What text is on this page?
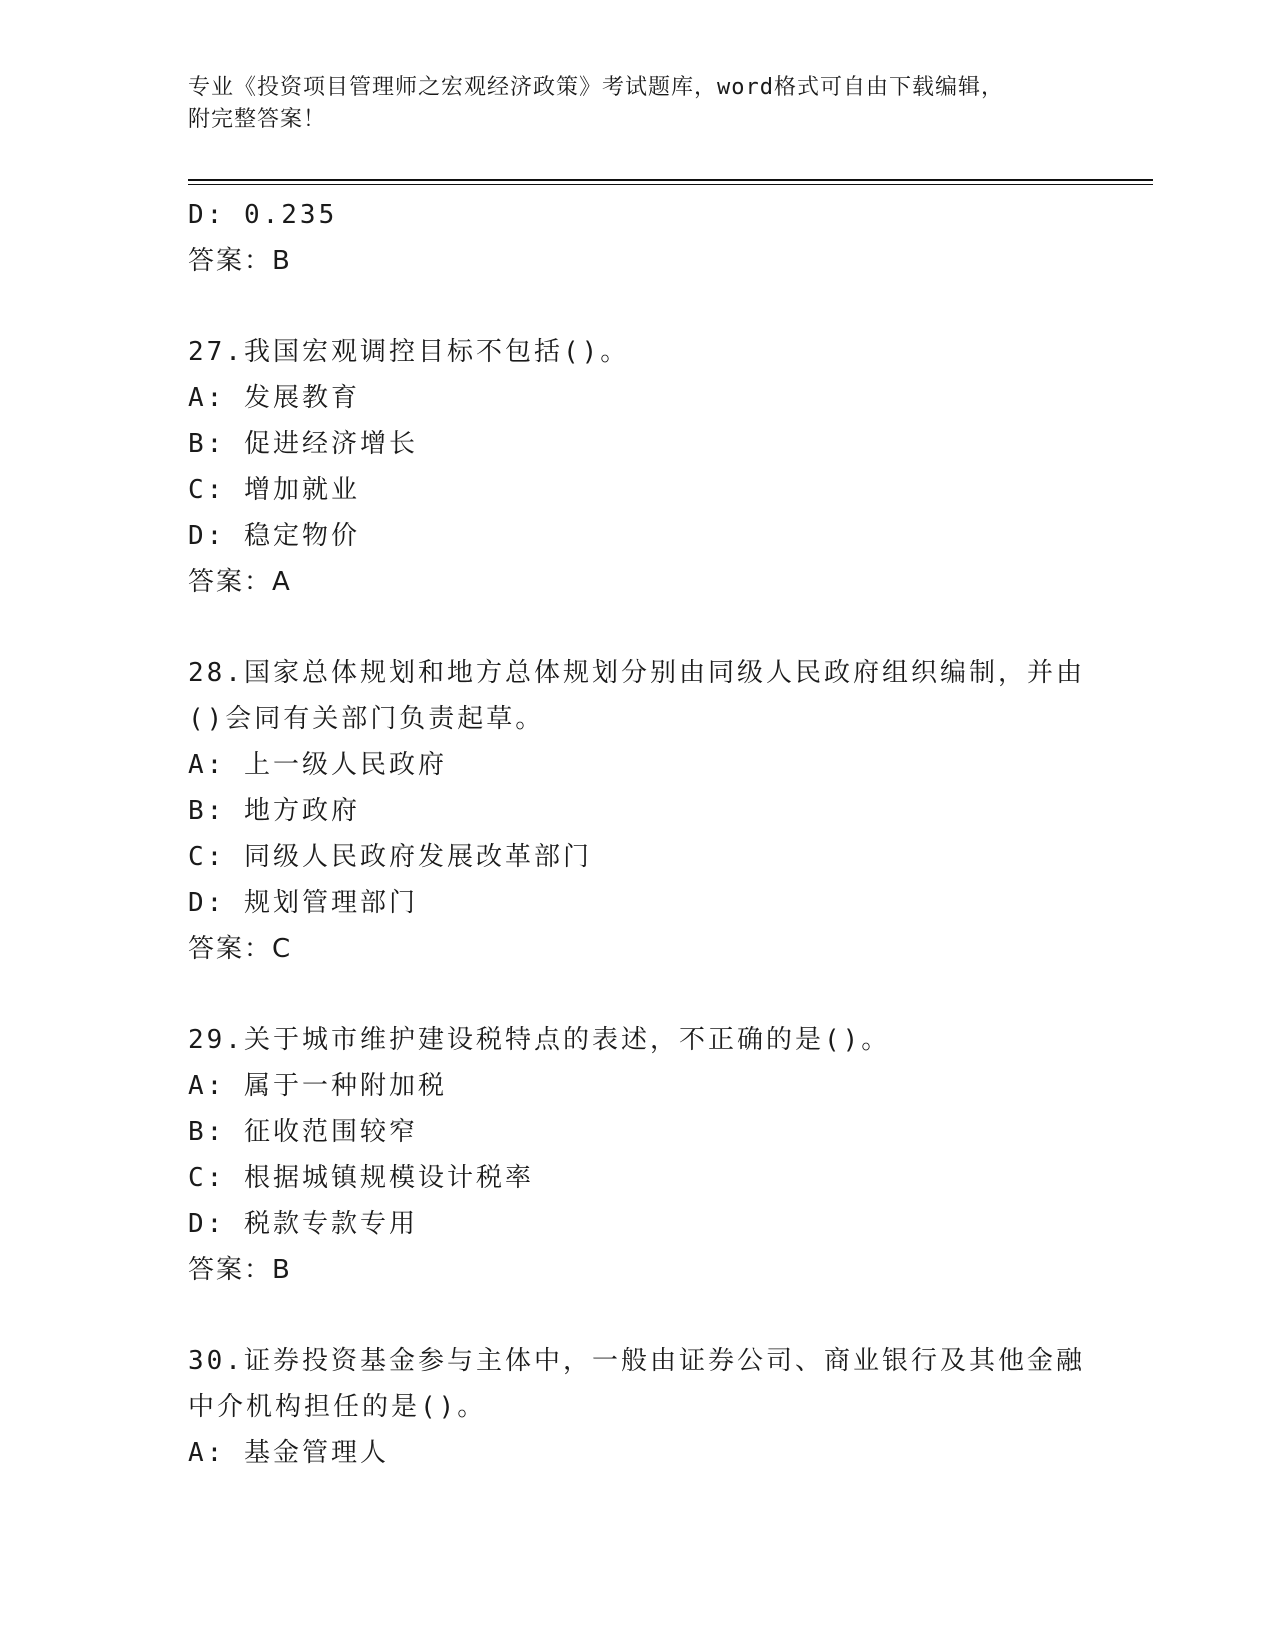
专业《投资项目管理师之宏观经济政策》考试题库，word格式可自由下载编辑，
附完整答案！
D: 0.235
答案：B
27.我国宏观调控目标不包括()。
A: 发展教育
B: 促进经济增长
C: 增加就业
D: 稳定物价
答案：A
28.国家总体规划和地方总体规划分别由同级人民政府组织编制，并由
()会同有关部门负责起草。
A: 上一级人民政府
B: 地方政府
C: 同级人民政府发展改革部门
D: 规划管理部门
答案：C
29.关于城市维护建设税特点的表述，不正确的是()。
A: 属于一种附加税
B: 征收范围较窄
C: 根据城镇规模设计税率
D: 税款专款专用
答案：B
30.证券投资基金参与主体中，一般由证券公司、商业银行及其他金融
中介机构担任的是()。
A: 基金管理人
